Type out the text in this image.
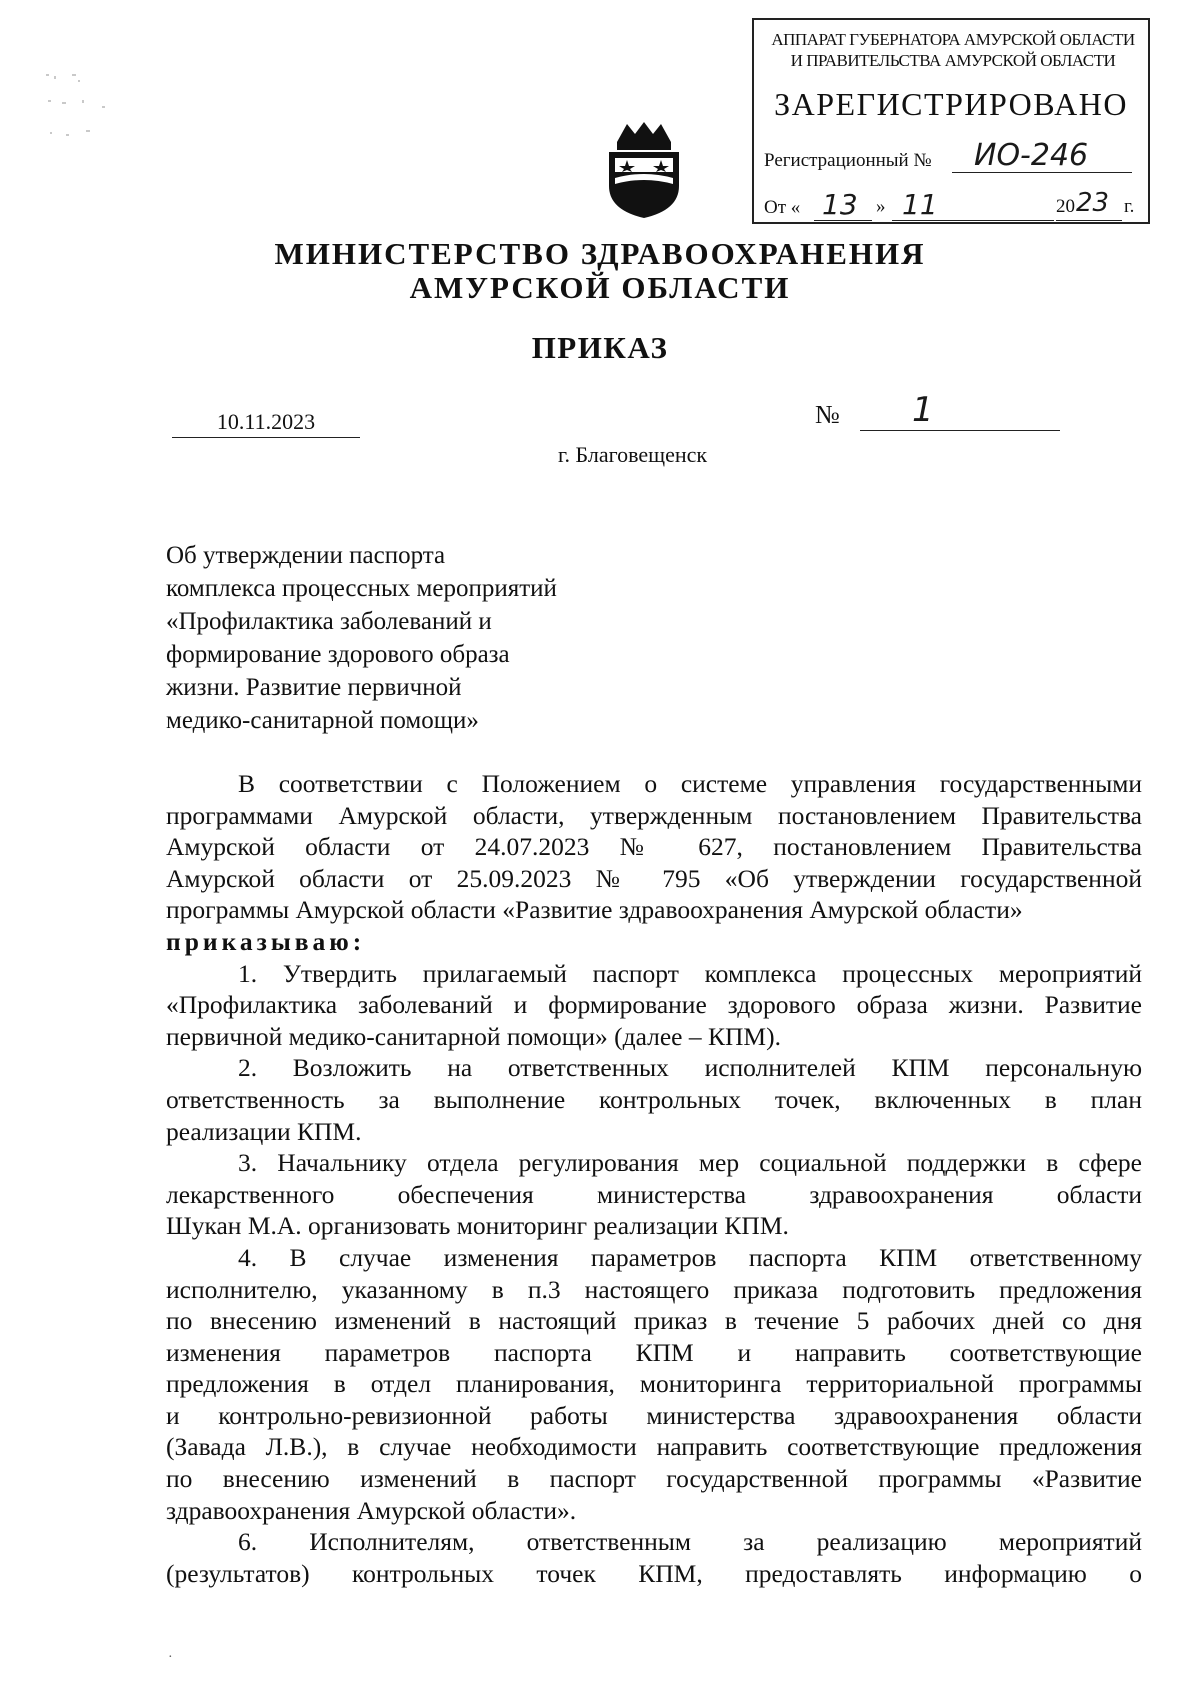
АППАРАТ ГУБЕРНАТОРА АМУРСКОЙ ОБЛАСТИ
И ПРАВИТЕЛЬСТВА АМУРСКОЙ ОБЛАСТИ
ЗАРЕГИСТРИРОВАНО
Регистрационный № ИО-246
От « 13 » 11	20 23 г.
МИНИСТЕРСТВО ЗДРАВООХРАНЕНИЯ
АМУРСКОЙ ОБЛАСТИ
ПРИКАЗ
10.11.2023	№ 1
г. Благовещенск
Об утверждении паспорта
комплекса процессных мероприятий
«Профилактика заболеваний и
формирование здорового образа
жизни. Развитие первичной
медико-санитарной помощи»
В соответствии с Положением о системе управления государственными
программами Амурской области, утвержденным постановлением Правительства
Амурской области от 24.07.2023 № 627, постановлением Правительства
Амурской области от 25.09.2023 № 795 «Об утверждении государственной
программы Амурской области «Развитие здравоохранения Амурской области»
приказываю:
1. Утвердить прилагаемый паспорт комплекса процессных мероприятий
«Профилактика заболеваний и формирование здорового образа жизни. Развитие
первичной медико-санитарной помощи» (далее – КПМ).
2. Возложить на ответственных исполнителей КПМ персональную
ответственность за выполнение контрольных точек, включенных в план
реализации КПМ.
3. Начальнику отдела регулирования мер социальной поддержки в сфере
лекарственного обеспечения министерства здравоохранения области
Шукан М.А. организовать мониторинг реализации КПМ.
4. В случае изменения параметров паспорта КПМ ответственному
исполнителю, указанному в п.3 настоящего приказа подготовить предложения
по внесению изменений в настоящий приказ в течение 5 рабочих дней со дня
изменения параметров паспорта КПМ и направить соответствующие
предложения в отдел планирования, мониторинга территориальной программы
и контрольно-ревизионной работы министерства здравоохранения области
(Завада Л.В.), в случае необходимости направить соответствующие предложения
по внесению изменений в паспорт государственной программы «Развитие
здравоохранения Амурской области».
6. Исполнителям, ответственным за реализацию мероприятий
(результатов) контрольных точек КПМ, предоставлять информацию о
·
